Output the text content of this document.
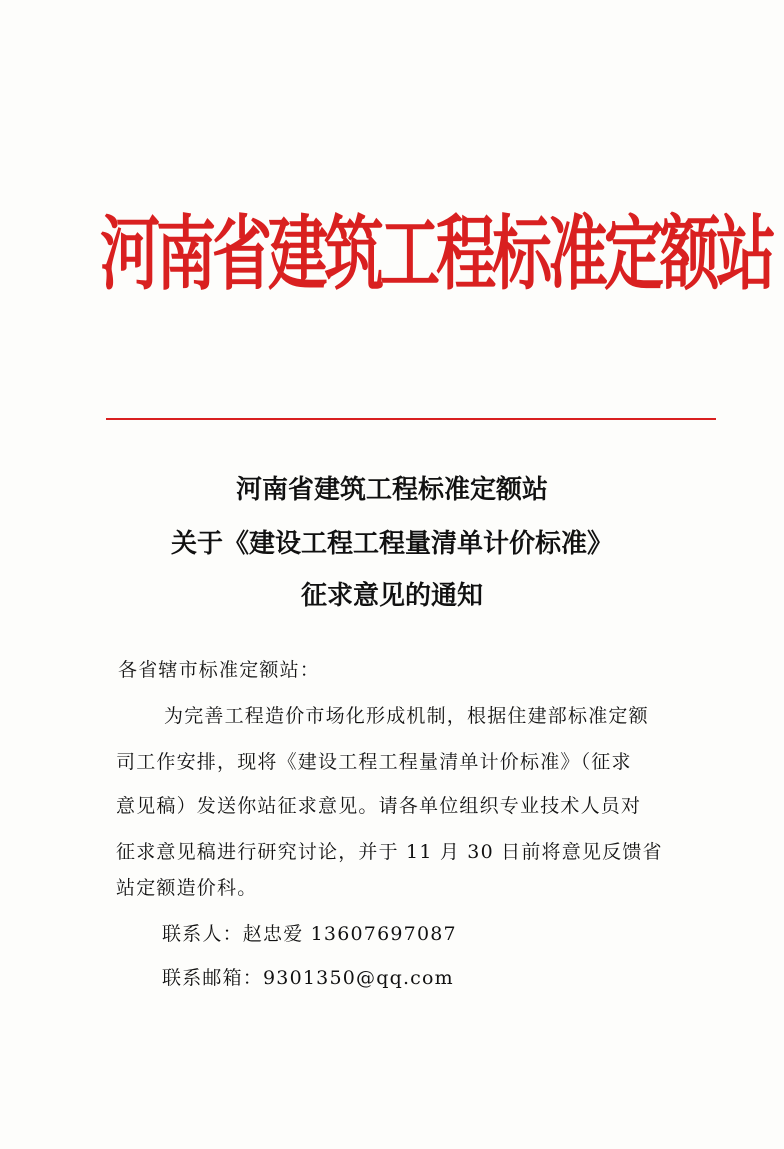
河南省建筑工程标准定额站
河南省建筑工程标准定额站
关于《建设工程工程量清单计价标准》
征求意见的通知
各省辖市标准定额站：
为完善工程造价市场化形成机制，根据住建部标准定额
司工作安排，现将《建设工程工程量清单计价标准》（征求
意见稿）发送你站征求意见。请各单位组织专业技术人员对
征求意见稿进行研究讨论，并于 11 月 30 日前将意见反馈省
站定额造价科。
联系人：赵忠爱 13607697087
联系邮箱：9301350@qq.com
